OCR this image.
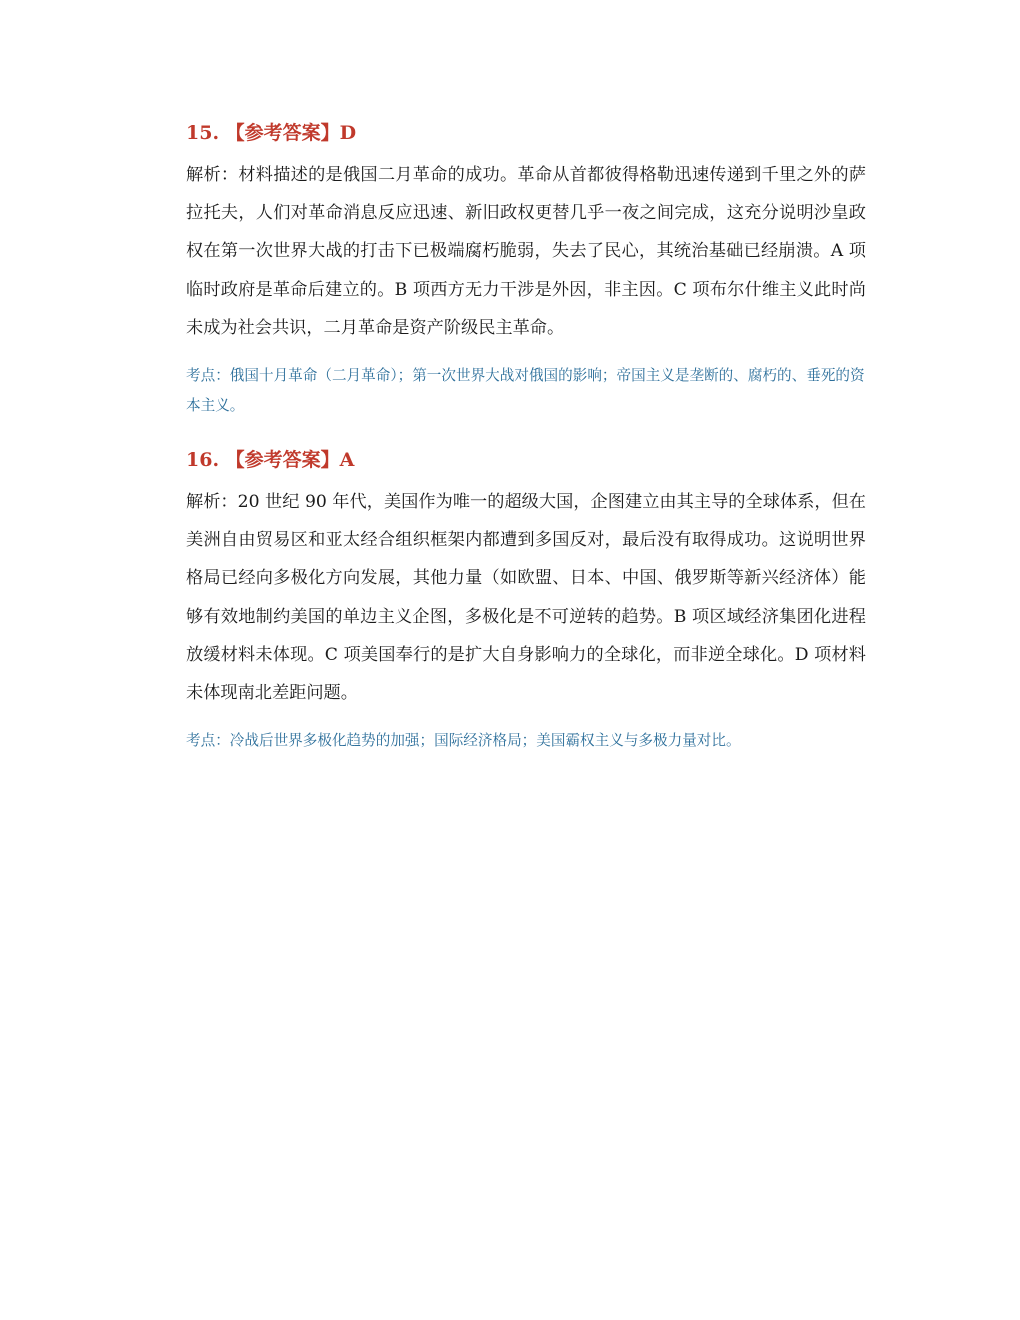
15. 【参考答案】D

解析：材料描述的是俄国二月革命的成功。革命从首都彼得格勒迅速传递到千里之外的萨拉托夫，人们对革命消息反应迅速、新旧政权更替几乎一夜之间完成，这充分说明沙皇政权在第一次世界大战的打击下已极端腐朽脆弱，失去了民心，其统治基础已经崩溃。A 项临时政府是革命后建立的。B 项西方无力干涉是外因，非主因。C 项布尔什维主义此时尚未成为社会共识，二月革命是资产阶级民主革命。

考点：俄国十月革命（二月革命）；第一次世界大战对俄国的影响；帝国主义是垄断的、腐朽的、垂死的资本主义。

16. 【参考答案】A

解析：20 世纪 90 年代，美国作为唯一的超级大国，企图建立由其主导的全球体系，但在美洲自由贸易区和亚太经合组织框架内都遭到多国反对，最后没有取得成功。这说明世界格局已经向多极化方向发展，其他力量（如欧盟、日本、中国、俄罗斯等新兴经济体）能够有效地制约美国的单边主义企图，多极化是不可逆转的趋势。B 项区域经济集团化进程放缓材料未体现。C 项美国奉行的是扩大自身影响力的全球化，而非逆全球化。D 项材料未体现南北差距问题。

考点：冷战后世界多极化趋势的加强；国际经济格局；美国霸权主义与多极力量对比。
